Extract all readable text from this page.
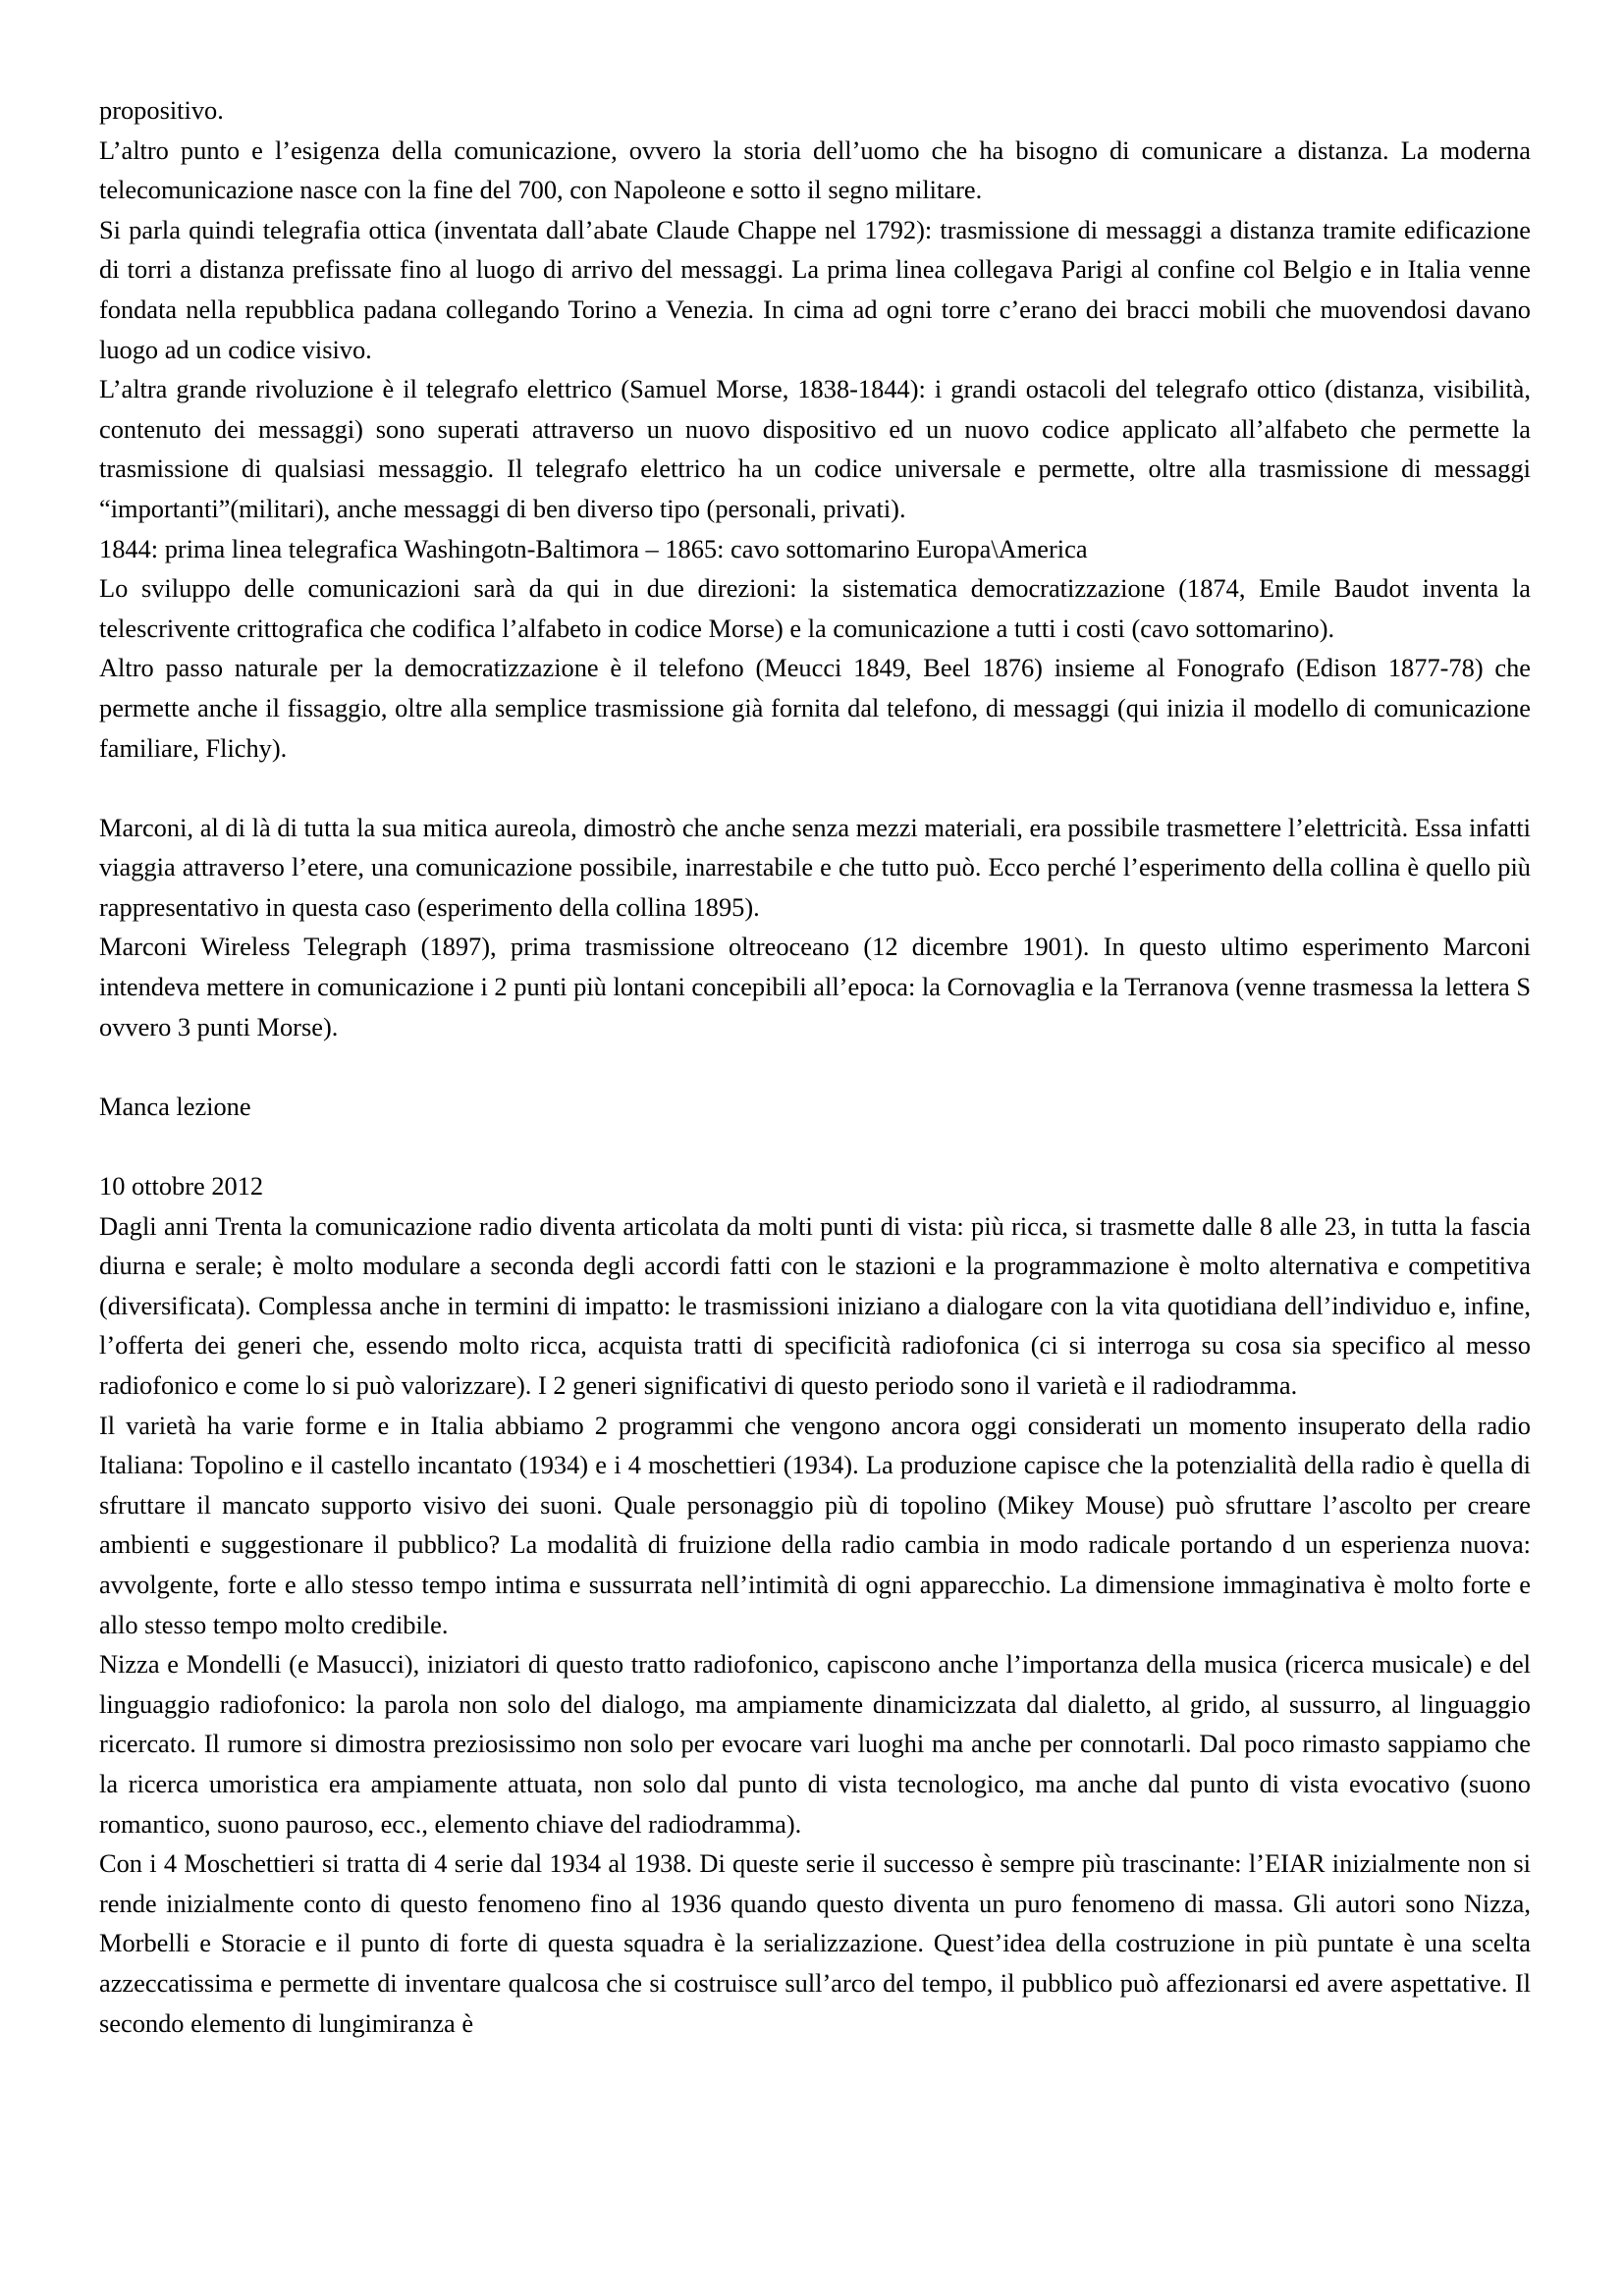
propositivo.

L’altro punto e l’esigenza della comunicazione, ovvero la storia dell’uomo che ha bisogno di comunicare a distanza. La moderna telecomunicazione nasce con la fine del 700, con Napoleone e sotto il segno militare.

Si parla quindi telegrafia ottica (inventata dall’abate Claude Chappe nel 1792): trasmissione di messaggi a distanza tramite edificazione di torri a distanza prefissate fino al luogo di arrivo del messaggi. La prima linea collegava Parigi al confine col Belgio e in Italia venne fondata nella repubblica padana collegando Torino a Venezia. In cima ad ogni torre c’erano dei bracci mobili che muovendosi davano luogo ad un codice visivo.

L’altra grande rivoluzione è il telegrafo elettrico (Samuel Morse, 1838-1844): i grandi ostacoli del telegrafo ottico (distanza, visibilità, contenuto dei messaggi) sono superati attraverso un nuovo dispositivo ed un nuovo codice applicato all’alfabeto che permette la trasmissione di qualsiasi messaggio. Il telegrafo elettrico ha un codice universale e permette, oltre alla trasmissione di messaggi “importanti”(militari), anche messaggi di ben diverso tipo (personali, privati).

1844: prima linea telegrafica Washingotn-Baltimora – 1865: cavo sottomarino Europa\America

Lo sviluppo delle comunicazioni sarà da qui in due direzioni: la sistematica democratizzazione (1874, Emile Baudot inventa la telescrivente crittografica che codifica l’alfabeto in codice Morse) e la comunicazione a tutti i costi (cavo sottomarino).

Altro passo naturale per la democratizzazione è il telefono (Meucci 1849, Beel 1876) insieme al Fonografo (Edison 1877-78) che permette anche il fissaggio, oltre alla semplice trasmissione già fornita dal telefono, di messaggi (qui inizia il modello di comunicazione familiare, Flichy).

Marconi, al di là di tutta la sua mitica aureola, dimostrò che anche senza mezzi materiali, era possibile trasmettere l’elettricità. Essa infatti viaggia attraverso l’etere, una comunicazione possibile, inarrestabile e che tutto può. Ecco perché l’esperimento della collina è quello più rappresentativo in questa caso (esperimento della collina 1895).

Marconi Wireless Telegraph (1897), prima trasmissione oltreoceano (12 dicembre 1901). In questo ultimo esperimento Marconi intendeva mettere in comunicazione i 2 punti più lontani concepibili all’epoca: la Cornovaglia e la Terranova (venne trasmessa la lettera S ovvero 3 punti Morse).

Manca lezione

10 ottobre 2012

Dagli anni Trenta la comunicazione radio diventa articolata da molti punti di vista: più ricca, si trasmette dalle 8 alle 23, in tutta la fascia diurna e serale; è molto modulare a seconda degli accordi fatti con le stazioni e la programmazione è molto alternativa e competitiva (diversificata). Complessa anche in termini di impatto: le trasmissioni iniziano a dialogare con la vita quotidiana dell’individuo e, infine, l’offerta dei generi che, essendo molto ricca, acquista tratti di specificità radiofonica (ci si interroga su cosa sia specifico al messo radiofonico e come lo si può valorizzare). I 2 generi significativi di questo periodo sono il varietà e il radiodramma.

Il varietà ha varie forme e in Italia abbiamo 2 programmi che vengono ancora oggi considerati un momento insuperato della radio Italiana: Topolino e il castello incantato (1934) e i 4 moschettieri (1934). La produzione capisce che la potenzialità della radio è quella di sfruttare il mancato supporto visivo dei suoni. Quale personaggio più di topolino (Mikey Mouse) può sfruttare l’ascolto per creare ambienti e suggestionare il pubblico? La modalità di fruizione della radio cambia in modo radicale portando d un esperienza nuova: avvolgente, forte e allo stesso tempo intima e sussurrata nell’intimità di ogni apparecchio. La dimensione immaginativa è molto forte e allo stesso tempo molto credibile.

Nizza e Mondelli (e Masucci), iniziatori di questo tratto radiofonico, capiscono anche l’importanza della musica (ricerca musicale) e del linguaggio radiofonico: la parola non solo del dialogo, ma ampiamente dinamicizzata dal dialetto, al grido, al sussurro, al linguaggio ricercato. Il rumore si dimostra preziosissimo non solo per evocare vari luoghi ma anche per connotarli. Dal poco rimasto sappiamo che la ricerca umoristica era ampiamente attuata, non solo dal punto di vista tecnologico, ma anche dal punto di vista evocativo (suono romantico, suono pauroso, ecc., elemento chiave del radiodramma).

Con i 4 Moschettieri si tratta di 4 serie dal 1934 al 1938. Di queste serie il successo è sempre più trascinante: l’EIAR inizialmente non si rende inizialmente conto di questo fenomeno fino al 1936 quando questo diventa un puro fenomeno di massa. Gli autori sono Nizza, Morbelli e Storacie e il punto di forte di questa squadra è la serializzazione. Quest’idea della costruzione in più puntate è una scelta azzeccatissima e permette di inventare qualcosa che si costruisce sull’arco del tempo, il pubblico può affezionarsi ed avere aspettative. Il secondo elemento di lungimiranza è
